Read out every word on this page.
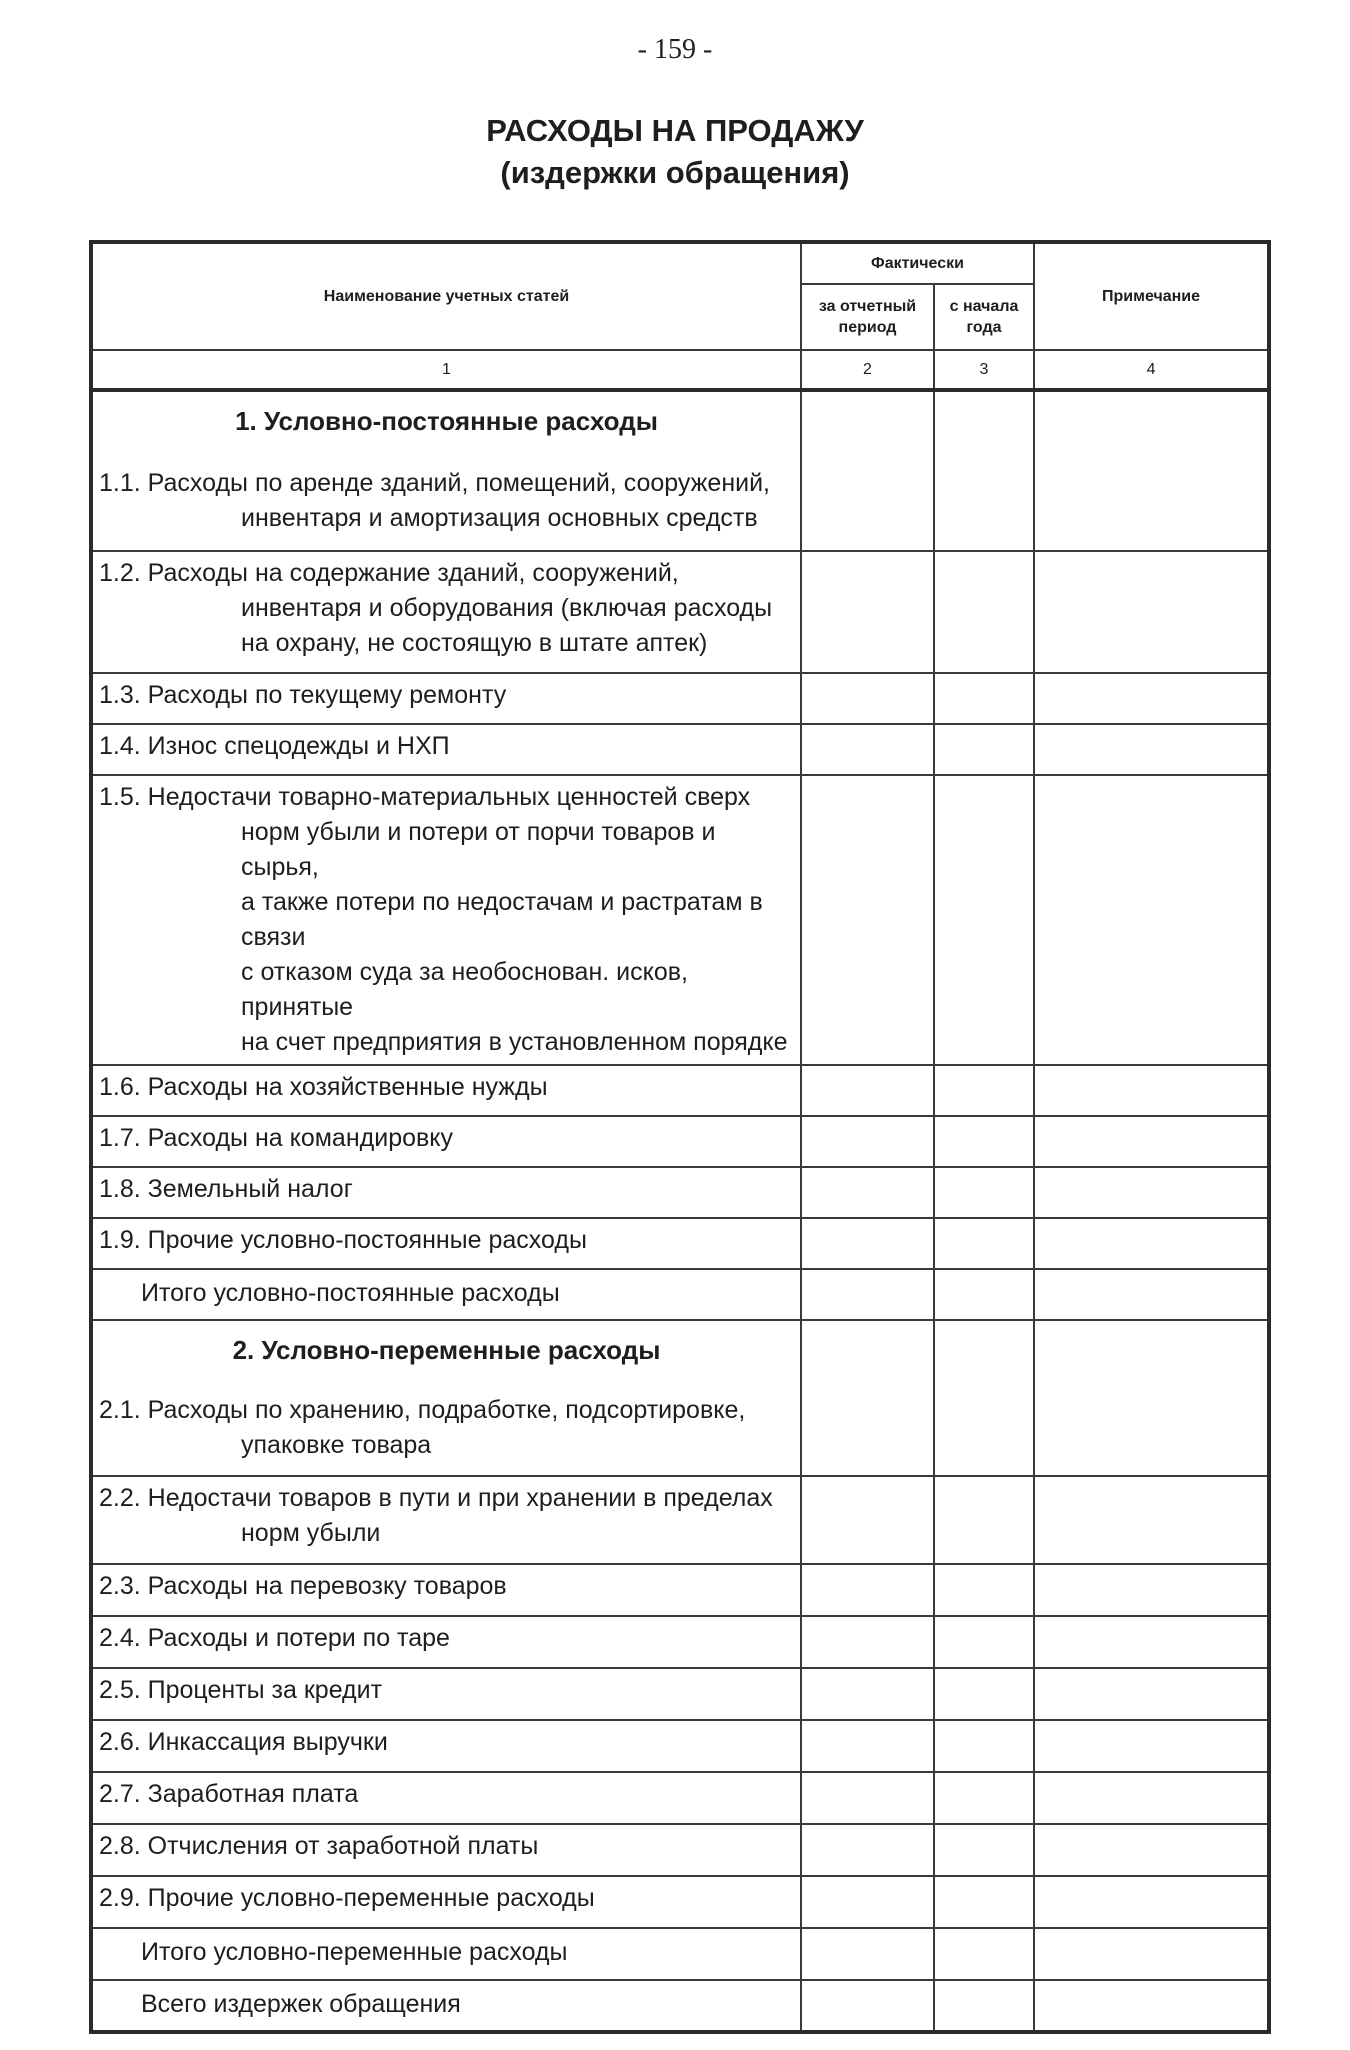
- 159 -
РАСХОДЫ НА ПРОДАЖУ
(издержки обращения)
Наименование учетных статей	Фактически		Примечание
	за отчетный период	с начала года	
1	2	3	4

1. Условно-постоянные расходы
1.1. Расходы по аренде зданий, помещений, сооружений,
инвентаря и амортизация основных средств			

1.2. Расходы на содержание зданий, сооружений,
инвентаря и оборудования (включая расходы
на охрану, не состоящую в штате аптек)			
1.3. Расходы по текущему ремонту			
1.4. Износ спецодежды и НХП			
1.5. Недостачи товарно-материальных ценностей сверх
норм убыли и потери от порчи товаров и сырья,
а также потери по недостачам и растратам в связи
с отказом суда за необоснован. исков, принятые
на счет предприятия в установленном порядке			
1.6. Расходы на хозяйственные нужды			
1.7. Расходы на командировку			
1.8. Земельный налог			
1.9. Прочие условно-постоянные расходы			
Итого условно-постоянные расходы			

2. Условно-переменные расходы
2.1. Расходы по хранению, подработке, подсортировке,
упаковке товара			

2.2. Недостачи товаров в пути и при хранении в пределах
норм убыли			
2.3. Расходы на перевозку товаров			
2.4. Расходы и потери по таре			
2.5. Проценты за кредит			
2.6. Инкассация выручки			
2.7. Заработная плата			
2.8. Отчисления от заработной платы			
2.9. Прочие условно-переменные расходы			
Итого условно-переменные расходы			
Всего издержек обращения			
